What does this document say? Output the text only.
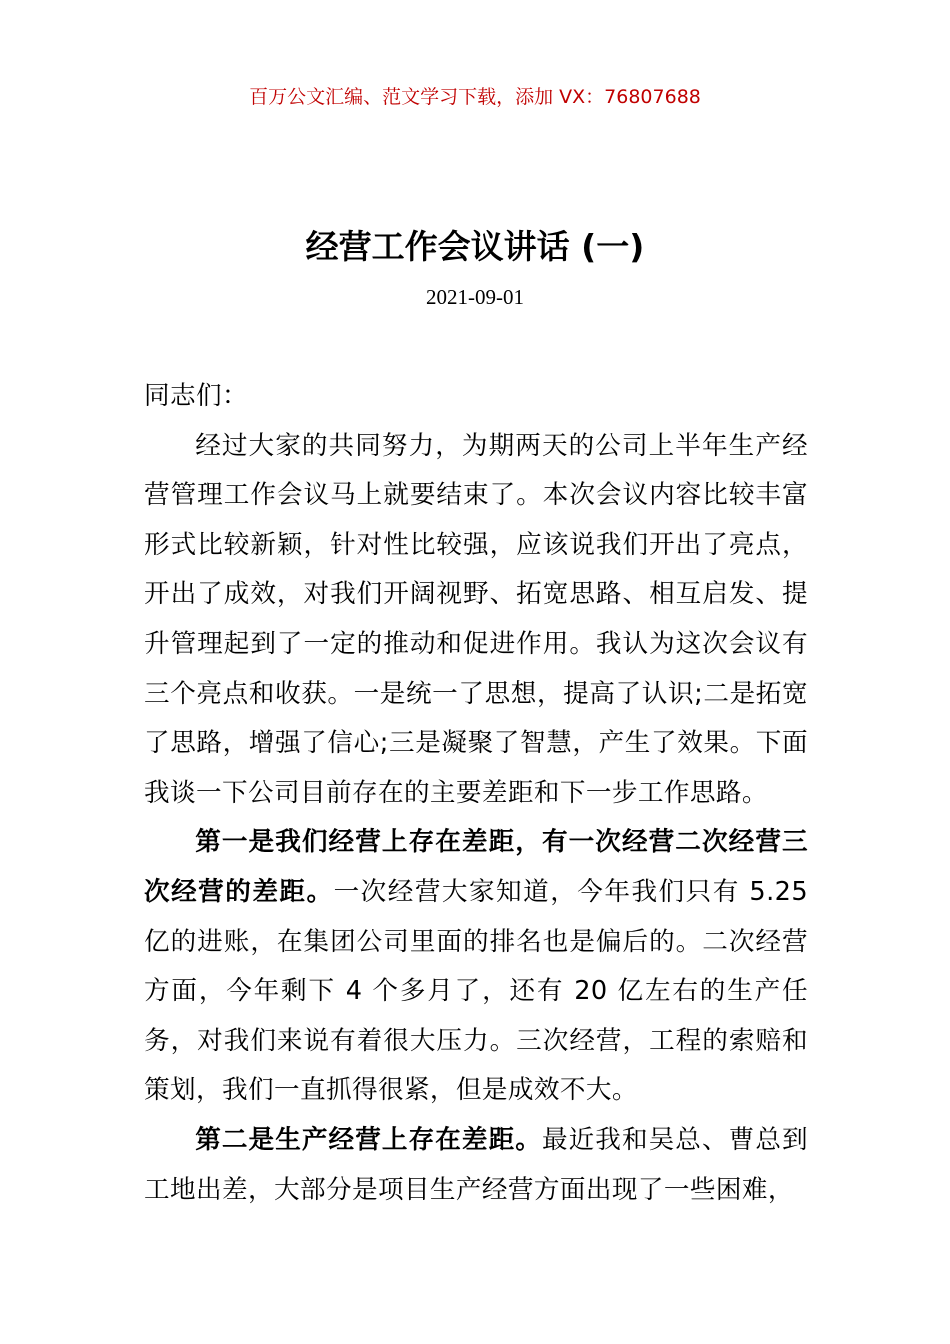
百万公文汇编、范文学习下载，添加 VX：76807688
经营工作会议讲话 (一)
2021-09-01

同志们：

经过大家的共同努力，为期两天的公司上半年生产经营管理工作会议马上就要结束了。本次会议内容比较丰富形式比较新颖，针对性比较强，应该说我们开出了亮点，开出了成效，对我们开阔视野、拓宽思路、相互启发、提升管理起到了一定的推动和促进作用。我认为这次会议有三个亮点和收获。一是统一了思想，提高了认识;二是拓宽了思路，增强了信心;三是凝聚了智慧，产生了效果。下面我谈一下公司目前存在的主要差距和下一步工作思路。

第一是我们经营上存在差距，有一次经营二次经营三次经营的差距。一次经营大家知道，今年我们只有 5.25 亿的进账，在集团公司里面的排名也是偏后的。二次经营方面，今年剩下 4 个多月了，还有 20 亿左右的生产任务，对我们来说有着很大压力。三次经营，工程的索赔和策划，我们一直抓得很紧，但是成效不大。

第二是生产经营上存在差距。最近我和吴总、曹总到工地出差，大部分是项目生产经营方面出现了一些困难，
